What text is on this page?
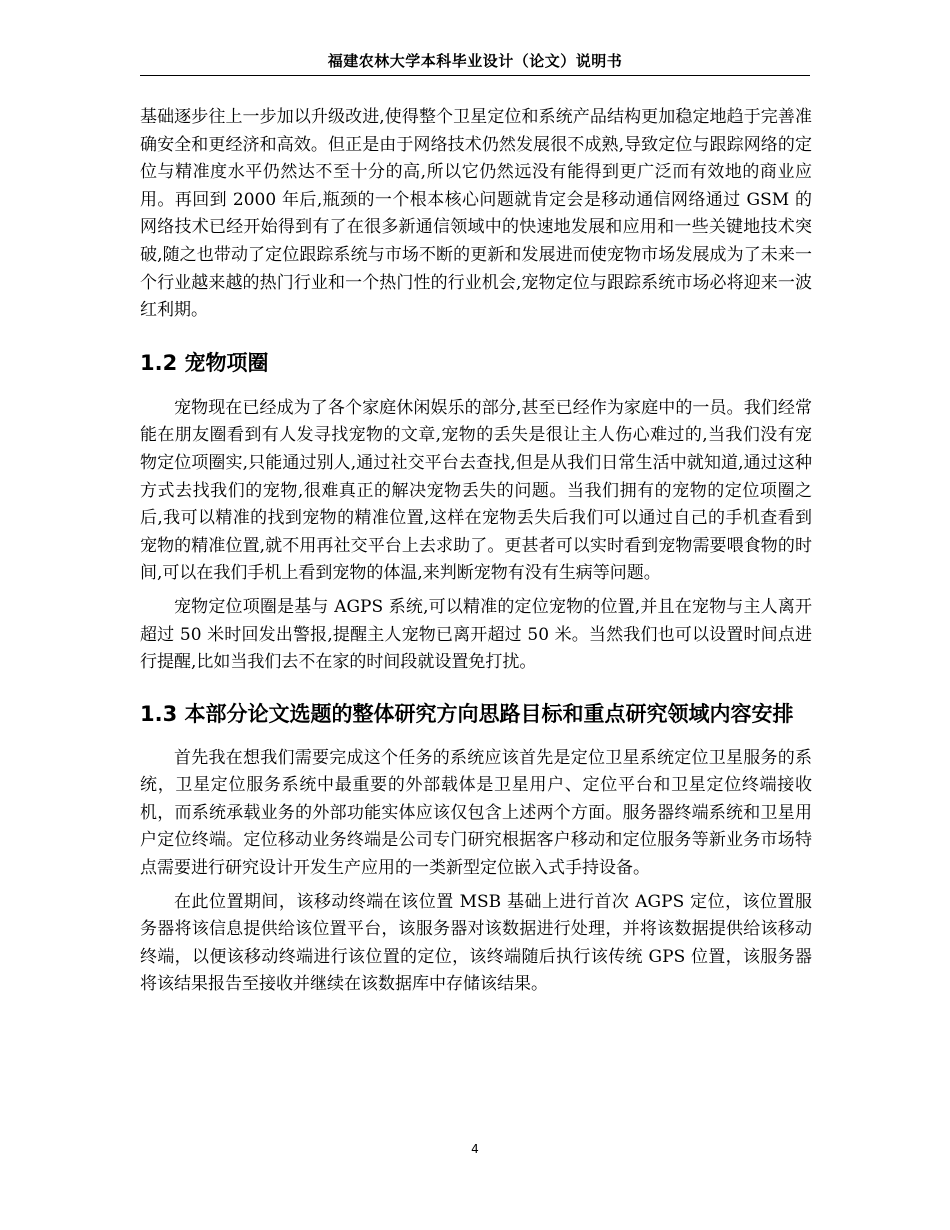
福建农林大学本科毕业设计（论文）说明书

基础逐步往上一步加以升级改进,使得整个卫星定位和系统产品结构更加稳定地趋于完善准确安全和更经济和高效。但正是由于网络技术仍然发展很不成熟,导致定位与跟踪网络的定位与精准度水平仍然达不至十分的高,所以它仍然远没有能得到更广泛而有效地的商业应用。再回到 2000 年后,瓶颈的一个根本核心问题就肯定会是移动通信网络通过 GSM 的网络技术已经开始得到有了在很多新通信领域中的快速地发展和应用和一些关键地技术突破,随之也带动了定位跟踪系统与市场不断的更新和发展进而使宠物市场发展成为了未来一个行业越来越的热门行业和一个热门性的行业机会,宠物定位与跟踪系统市场必将迎来一波红利期。

1.2 宠物项圈

宠物现在已经成为了各个家庭休闲娱乐的部分,甚至已经作为家庭中的一员。我们经常能在朋友圈看到有人发寻找宠物的文章,宠物的丢失是很让主人伤心难过的,当我们没有宠物定位项圈实,只能通过别人,通过社交平台去查找,但是从我们日常生活中就知道,通过这种方式去找我们的宠物,很难真正的解决宠物丢失的问题。当我们拥有的宠物的定位项圈之后,我可以精准的找到宠物的精准位置,这样在宠物丢失后我们可以通过自己的手机查看到宠物的精准位置,就不用再社交平台上去求助了。更甚者可以实时看到宠物需要喂食物的时间,可以在我们手机上看到宠物的体温,来判断宠物有没有生病等问题。

宠物定位项圈是基与 AGPS 系统,可以精准的定位宠物的位置,并且在宠物与主人离开超过 50 米时回发出警报,提醒主人宠物已离开超过 50 米。当然我们也可以设置时间点进行提醒,比如当我们去不在家的时间段就设置免打扰。

1.3 本部分论文选题的整体研究方向思路目标和重点研究领域内容安排

首先我在想我们需要完成这个任务的系统应该首先是定位卫星系统定位卫星服务的系统，卫星定位服务系统中最重要的外部载体是卫星用户、定位平台和卫星定位终端接收机，而系统承载业务的外部功能实体应该仅包含上述两个方面。服务器终端系统和卫星用户定位终端。定位移动业务终端是公司专门研究根据客户移动和定位服务等新业务市场特点需要进行研究设计开发生产应用的一类新型定位嵌入式手持设备。

在此位置期间，该移动终端在该位置 MSB 基础上进行首次 AGPS 定位，该位置服务器将该信息提供给该位置平台，该服务器对该数据进行处理，并将该数据提供给该移动终端，以便该移动终端进行该位置的定位，该终端随后执行该传统 GPS 位置，该服务器将该结果报告至接收并继续在该数据库中存储该结果。

4
